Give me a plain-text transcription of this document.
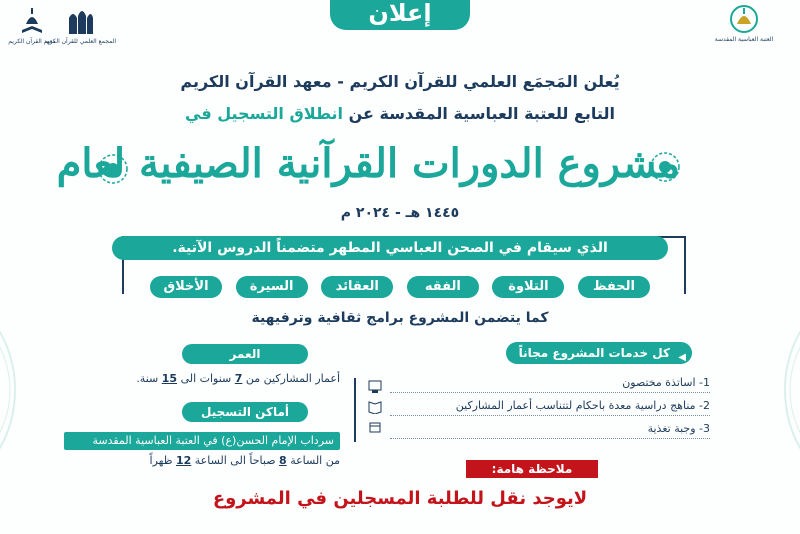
إعلان
معهد القرآن الكريم
المجمع العلمي للقرآن الكريم	العتبة العباسية المقدسة
يُعلن المَجمَع العلمي للقرآن الكريم - معهد القرآن الكريم
التابع للعتبة العباسية المقدسة عن انطلاق التسجيل في
مشروع الدورات القرآنية الصيفية لعام
١٤٤٥ هـ - ٢٠٢٤ م
الذي سيقام في الصحن العباسي المطهر متضمناً الدروس الآتية.
الحفظ
التلاوة
الفقه
العقائد
السيرة
الأخلاق
كما يتضمن المشروع برامج ثقافية وترفيهية
◀
كل خدمات المشروع مجاناً
1- اساتذة مختصون
2- مناهج دراسية معدة باحكام لتتناسب أعمار المشاركين
3- وجبة تغذية
العمر
أعمار المشاركين من 7 سنوات الى 15 سنة.
أماكن التسجيل
سرداب الإمام الحسن(ع) في العتبة العباسية المقدسة
من الساعة 8 صباحاً الى الساعة 12 ظهراً
ملاحظة هامة:
لايوجد نقل للطلبة المسجلين في المشروع
